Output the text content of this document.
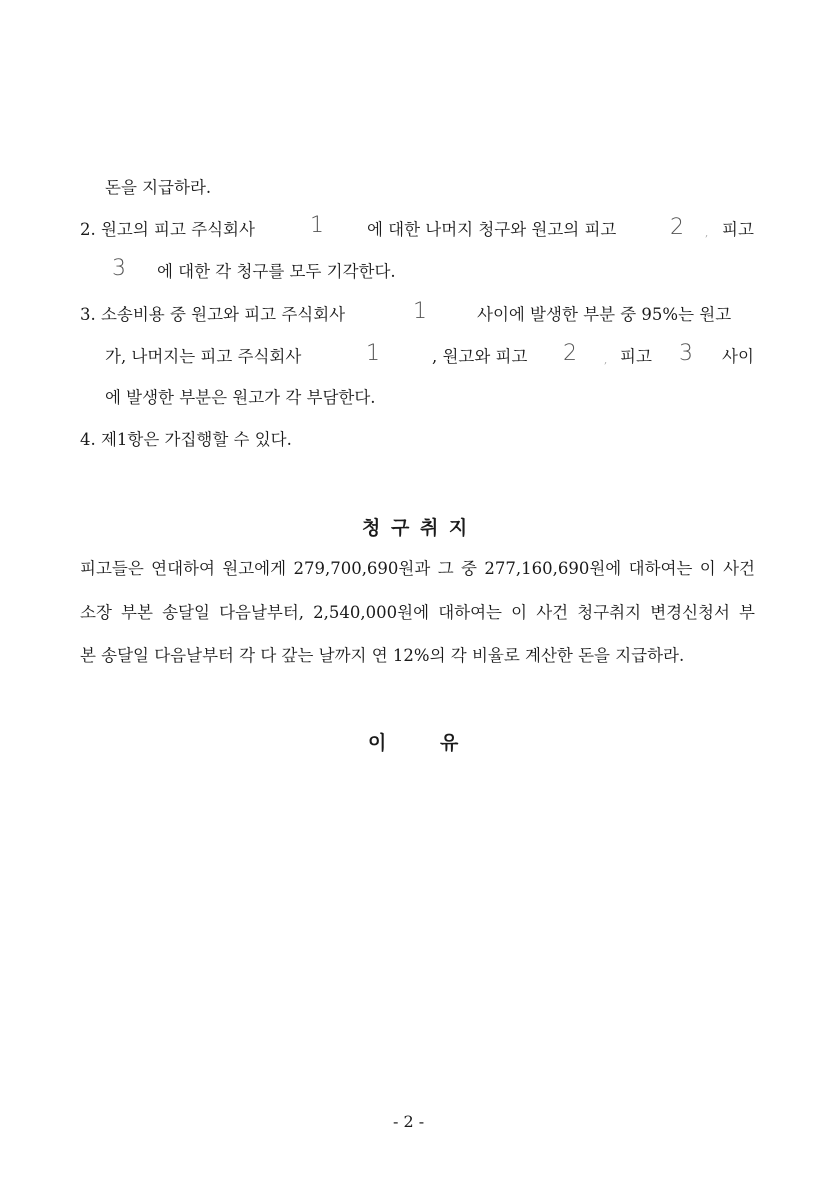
돈을 지급하라.
2. 원고의 피고 주식회사	1	에 대한 나머지 청구와 원고의 피고 2 , 피고
3 에 대한 각 청구를 모두 기각한다.
3. 소송비용 중 원고와 피고 주식회사	1	사이에 발생한 부분 중 95%는 원고
가, 나머지는 피고 주식회사	1	, 원고와 피고 2	, 피고 3 사이
에 발생한 부분은 원고가 각 부담한다.
4. 제1항은 가집행할 수 있다.
청 구 취 지
피고들은 연대하여 원고에게 279,700,690원과 그 중 277,160,690원에 대하여는 이 사건
소장 부본 송달일 다음날부터, 2,540,000원에 대하여는 이 사건 청구취지 변경신청서 부
본 송달일 다음날부터 각 다 갚는 날까지 연 12%의 각 비율로 계산한 돈을 지급하라.
이	유
- 2 -
